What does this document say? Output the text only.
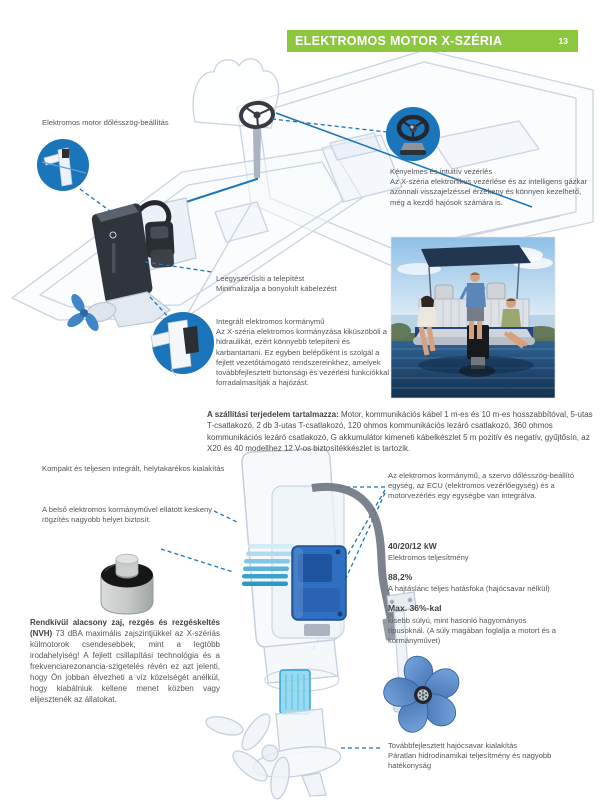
ELEKTROMOS MOTOR X-SZÉRIA	13
Elektromos motor dőlésszög-beállítás
Kényelmes és intuitív vezérlés
Az X-széria elektronikus vezérlése és az intelligens gázkar azonnali visszajelzéssel érzékeny és könnyen kezelhető, még a kezdő hajósok számára is.
Leegyszerűsíti a telepítést
Minimalizálja a bonyolult kábelezést
Integrált elektromos kormánymű
Az X-széria elektromos kormányzása kiküszöböli a hidraulikát, ezért könnyebb telepíteni és karbantartani. Ez egyben belépőként is szolgál a fejlett vezetőtámogató rendszereinkhez, amelyek továbbfejlesztett biztonsági és vezérlési funkciókkal forradalmasítják a hajózást.
A szállítási terjedelem tartalmazza: Motor, kommunikációs kábel 1 m-es és 10 m-es hosszabbítóval, 5-utas T-csatlakozó, 2 db 3-utas T-csatlakozó, 120 ohmos kommunikációs lezáró csatlakozó, 360 ohmos kommunikációs lezáró csatlakozó, G akkumulátor kimeneti kábelkészlet 5 m pozitív és negatív, gyűjtősín, az X20 és 40 modellhez 12 V-os biztosítékkészlet is tartozik.
Kompakt és teljesen integrált, helytakarékos kialakítás
A belső elektromos kormányművel ellátott keskeny rögzítés nagyobb helyet biztosít.
Az elektromos kormánymű, a szervo dőlésszög-beállító egység, az ECU (elektromos vezérlőegység) és a motorvezérlés egy egységbe van integrálva.
40/20/12 kW
Elektromos teljesítmény
88,2%
A hajtáslánc teljes hatásfoka (hajócsavar nélkül)
Max. 36%-kal
kisebb súlyú, mint hasonló hagyományos típusoknál. (A súly magában foglalja a motort és a kormányművet)
Rendkívül alacsony zaj, rezgés és rezgéskeltés (NVH) 73 dBA maximális zajszintjükkel az X-szériás külmotorok csendesebbek, mint a legtöbb irodahelyiség! A fejlett csillapítási technológia és a frekvenciarezonancia-szigetelés révén ez azt jelenti, hogy Ön jobban élvezheti a víz közelségét anélkül, hogy kiabálniuk kellene menet közben vagy elijesztenék az állatokat.
Továbbfejlesztett hajócsavar kialakítás
Páratlan hidrodinamikai teljesítmény és nagyobb hatékonyság
